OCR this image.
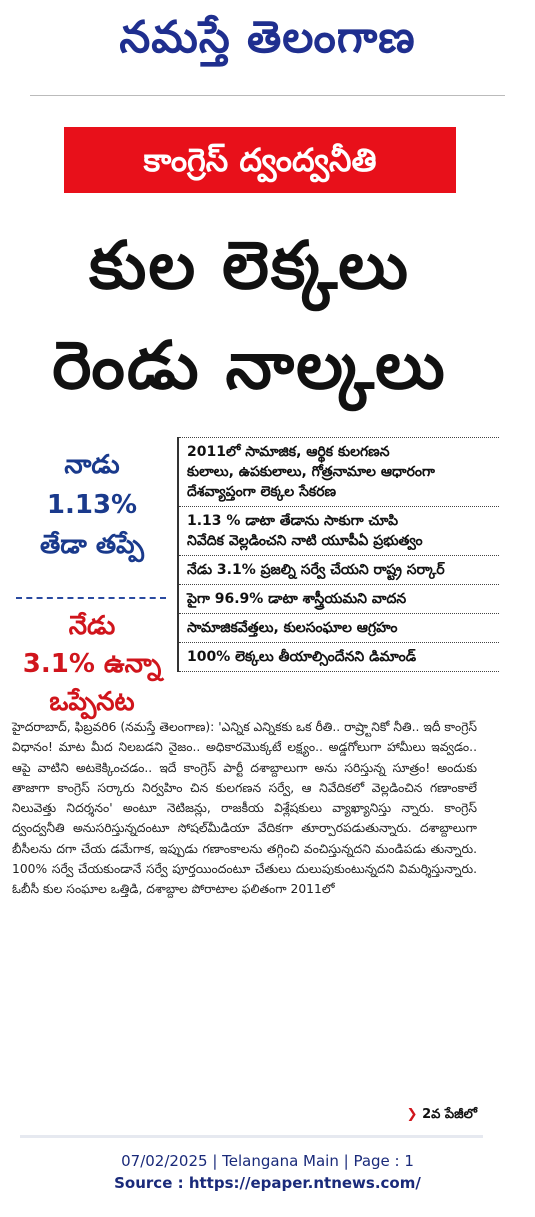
నమస్తే తెలంగాణ
కాంగ్రెస్ ద్వంద్వనీతి
కుల లెక్కలు
రెండు నాల్కలు
నాడు
1.13%
తేడా తప్పే
నేడు
3.1% ఉన్నా
ఒప్పేనట
2011లో సామాజిక, ఆర్థిక కులగణన
కులాలు, ఉపకులాలు, గోత్రనామాల ఆధారంగా దేశవ్యాప్తంగా లెక్కల సేకరణ
1.13 % డాటా తేడాను సాకుగా చూపి
నివేదిక వెల్లడించని నాటి యూపీఏ ప్రభుత్వం
నేడు 3.1% ప్రజల్ని సర్వే చేయని రాష్ట్ర సర్కార్
పైగా 96.9% డాటా శాస్త్రీయమని వాదన
సామాజికవేత్తలు, కులసంఘాల ఆగ్రహం
100% లెక్కలు తీయాల్సిందేనని డిమాండ్
హైదరాబాద్, ఫిబ్రవరి6 (నమస్తే తెలంగాణ): 'ఎన్నిక ఎన్నికకు ఒక రీతి.. రాష్ర్టానికో నీతి.. ఇదీ కాంగ్రెస్ విధానం! మాట మీద నిలబడని నైజం.. అధికారమొక్కటే లక్ష్యం.. అడ్డగోలుగా హామీలు ఇవ్వడం.. ఆపై వాటిని అటకెక్కించడం.. ఇదే కాంగ్రెస్ పార్టీ దశాబ్దాలుగా అను సరిస్తున్న సూత్రం! అందుకు తాజాగా కాంగ్రెస్ సర్కారు నిర్వహిం చిన కులగణన సర్వే, ఆ నివేదికలో వెల్లడించిన గణాంకాలే నిలువెత్తు నిదర్శనం' అంటూ నెటిజన్లు, రాజకీయ విశ్లేషకులు వ్యాఖ్యానిస్తు న్నారు. కాంగ్రెస్ ద్వంద్వనీతి అనుసరిస్తున్నదంటూ సోషల్‌మీడియా వేదికగా తూర్పారపడుతున్నారు. దశాబ్దాలుగా బీసీలను దగా చేయ డమేగాక, ఇప్పుడు గణాంకాలను తగ్గించి వంచిస్తున్నదని మండిపడు తున్నారు. 100% సర్వే చేయకుండానే సర్వే పూర్తయిందంటూ చేతులు దులుపుకుంటున్నదని విమర్శిస్తున్నారు. ఓబీసీ కుల సంఘాల ఒత్తిడి, దశాబ్దాల పోరాటాల ఫలితంగా 2011లో
❯ 2వ పేజీలో
07/02/2025 | Telangana Main | Page : 1
Source : https://epaper.ntnews.com/
